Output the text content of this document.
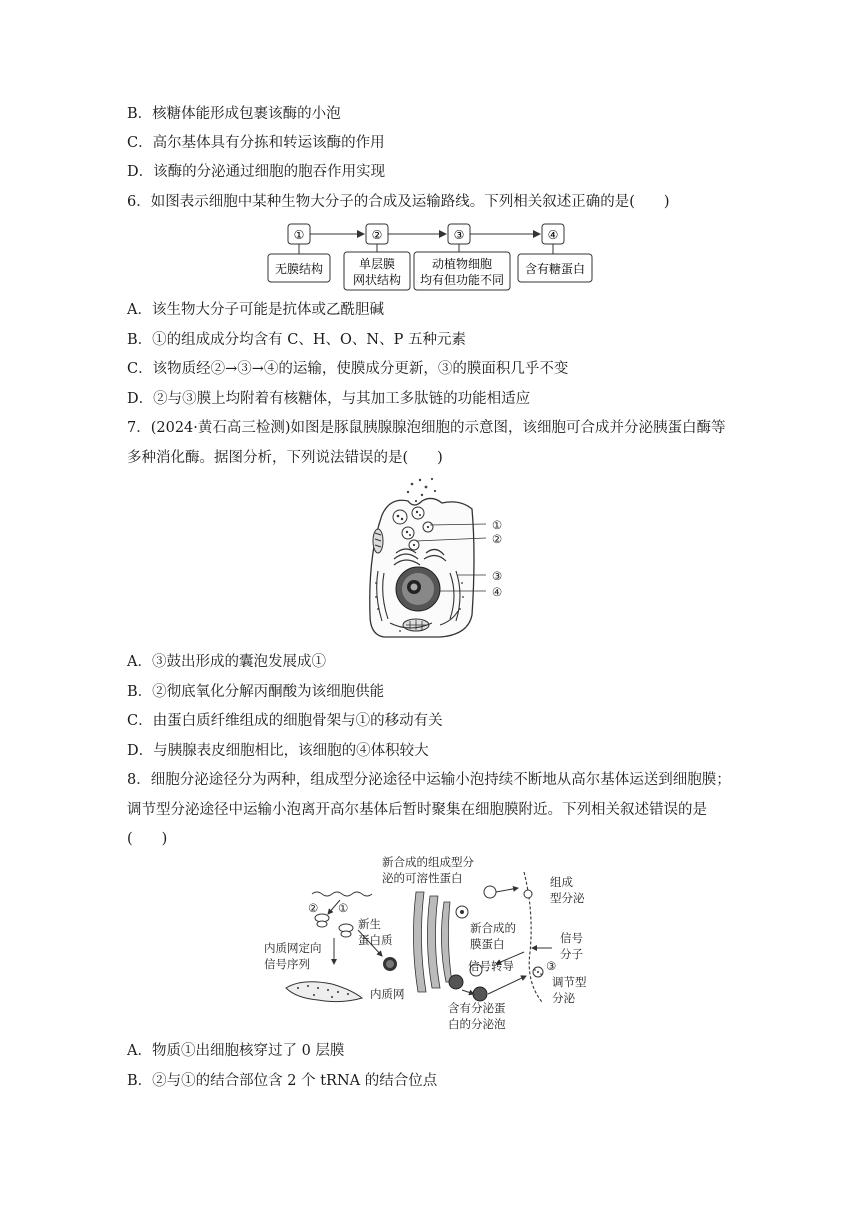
B．核糖体能形成包裹该酶的小泡
C．高尔基体具有分拣和转运该酶的作用
D．该酶的分泌通过细胞的胞吞作用实现
6．如图表示细胞中某种生物大分子的合成及运输路线。下列相关叙述正确的是(　　)
①	②	③	④
无膜结构	单层膜
网状结构
动植物细胞
均有但功能不同
含有糖蛋白
A．该生物大分子可能是抗体或乙酰胆碱
B．①的组成成分均含有 C、H、O、N、P 五种元素
C．该物质经②→③→④的运输，使膜成分更新，③的膜面积几乎不变
D．②与③膜上均附着有核糖体，与其加工多肽链的功能相适应
7．(2024·黄石高三检测)如图是豚鼠胰腺腺泡细胞的示意图，该细胞可合成并分泌胰蛋白酶等
多种消化酶。据图分析，下列说法错误的是(　　)
①
②
③
④
A．③鼓出形成的囊泡发展成①
B．②彻底氧化分解丙酮酸为该细胞供能
C．由蛋白质纤维组成的细胞骨架与①的移动有关
D．与胰腺表皮细胞相比，该细胞的④体积较大
8．细胞分泌途径分为两种，组成型分泌途径中运输小泡持续不断地从高尔基体运送到细胞膜；
调节型分泌途径中运输小泡离开高尔基体后暂时聚集在细胞膜附近。下列相关叙述错误的是
(　　)
新合成的组成型分
泌的可溶性蛋白	组成
型分泌
② ①
新生
蛋白质
新合成的
膜蛋白	信号
分子
内质网定向
信号序列	信号转导	③
调节型
分泌
内质网
含有分泌蛋
白的分泌泡
A．物质①出细胞核穿过了 0 层膜
B．②与①的结合部位含 2 个 tRNA 的结合位点
